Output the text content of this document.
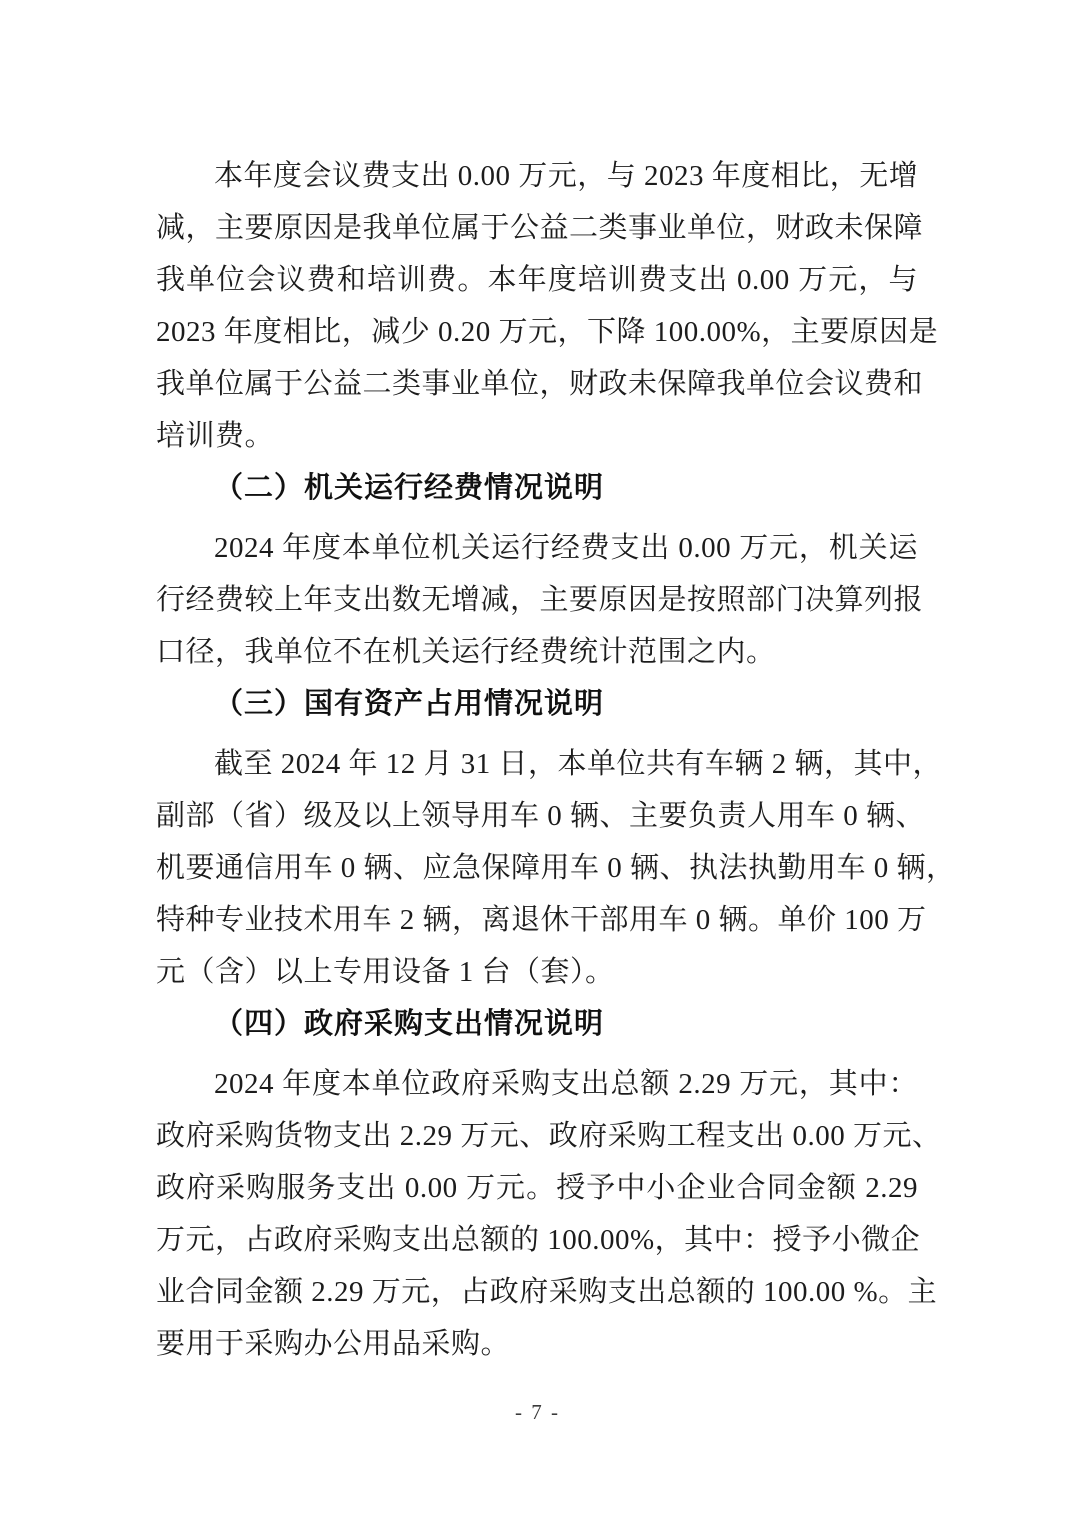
本年度会议费支出 0.00 万元，与 2023 年度相比，无增
减，主要原因是我单位属于公益二类事业单位，财政未保障
我单位会议费和培训费。本年度培训费支出 0.00 万元，与
2023 年度相比，减少 0.20 万元，下降 100.00%，主要原因是
我单位属于公益二类事业单位，财政未保障我单位会议费和
培训费。
（二）机关运行经费情况说明
2024 年度本单位机关运行经费支出 0.00 万元，机关运
行经费较上年支出数无增减，主要原因是按照部门决算列报
口径，我单位不在机关运行经费统计范围之内。
（三）国有资产占用情况说明
截至 2024 年 12 月 31 日，本单位共有车辆 2 辆，其中，
副部（省）级及以上领导用车 0 辆、主要负责人用车 0 辆、
机要通信用车 0 辆、应急保障用车 0 辆、执法执勤用车 0 辆，
特种专业技术用车 2 辆，离退休干部用车 0 辆。单价 100 万
元（含）以上专用设备 1 台（套）。
（四）政府采购支出情况说明
2024 年度本单位政府采购支出总额 2.29 万元，其中：
政府采购货物支出 2.29 万元、政府采购工程支出 0.00 万元、
政府采购服务支出 0.00 万元。授予中小企业合同金额 2.29
万元，占政府采购支出总额的 100.00%，其中：授予小微企
业合同金额 2.29 万元，占政府采购支出总额的 100.00 %。主
要用于采购办公用品采购。
- 7 -
